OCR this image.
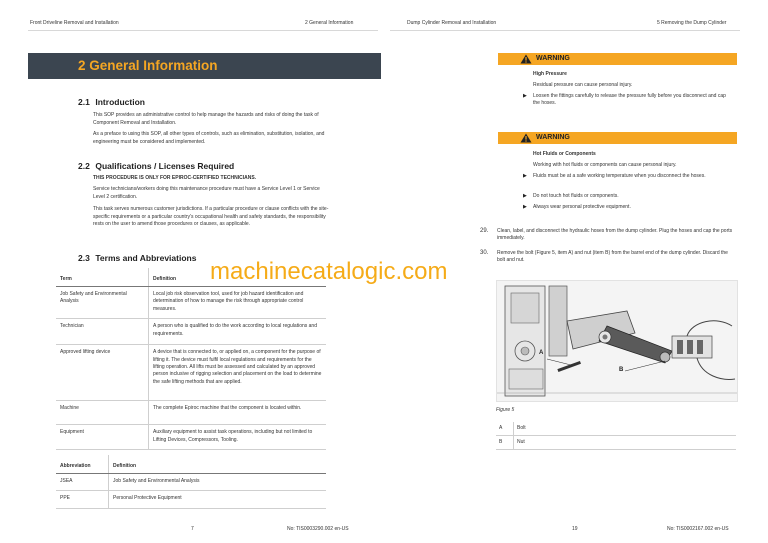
Front Driveline Removal and Installation	2 General Information	Dump Cylinder Removal and Installation	5 Removing the Dump Cylinder
2 General Information
2.1 Introduction

This SOP provides an administrative control to help manage the hazards and risks of doing the task of Component Removal and Installation.

As a preface to using this SOP, all other types of controls, such as elimination, substitution, isolation, and engineering must be considered and implemented.

2.2 Qualifications / Licenses Required

THIS PROCEDURE IS ONLY FOR EPIROC-CERTIFIED TECHNICIANS.

Service technicians/workers doing this maintenance procedure must have a Service Level 1 or Service Level 2 certification.

This task serves numerous customer jurisdictions. If a particular procedure or clause conflicts with the site-specific requirements or a particular country's occupational health and safety standards, the responsibility rests on the user to amend those procedures or clauses, as applicable.

2.3 Terms and Abbreviations
Term	Definition
Job Safety and Environmental Analysis	Local job risk observation tool, used for job hazard identification and determination of how to manage the risk through appropriate control measures.
Technician	A person who is qualified to do the work according to local regulations and requirements.
Approved lifting device	A device that is connected to, or applied on, a component for the purpose of lifting it. The device must fulfil local regulations and requirements for the lifting operation. All lifts must be assessed and calculated by an approved person inclusive of rigging selection and placement on the load to determine the safe lifting methods that are applied.
Machine	The complete Epiroc machine that the component is located within.
Equipment	Auxiliary equipment to assist task operations, including but not limited to Lifting Devices, Compressors, Tooling.
Abbreviation	Definition
JSEA	Job Safety and Environmental Analysis
PPE	Personal Protective Equipment
WARNING
High Pressure
Residual pressure can cause personal injury.
▶ Loosen the fittings carefully to release the pressure fully before you disconnect and cap the hoses.
WARNING
Hot Fluids or Components
Working with hot fluids or components can cause personal injury.
▶ Fluids must be at a safe working temperature when you disconnect the hoses.
▶ Do not touch hot fluids or components.
▶ Always wear personal protective equipment.
29. Clean, label, and disconnect the hydraulic hoses from the dump cylinder. Plug the hoses and cap the ports immediately.
30. Remove the bolt (Figure 5, item A) and nut (item B) from the barrel end of the dump cylinder. Discard the bolt and nut.
A
B
Figure 5
A	Bolt
B	Nut
machinecatalogic.com
7	No: TIS0003290.002 en-US	19	No: TIS0002167.002 en-US
